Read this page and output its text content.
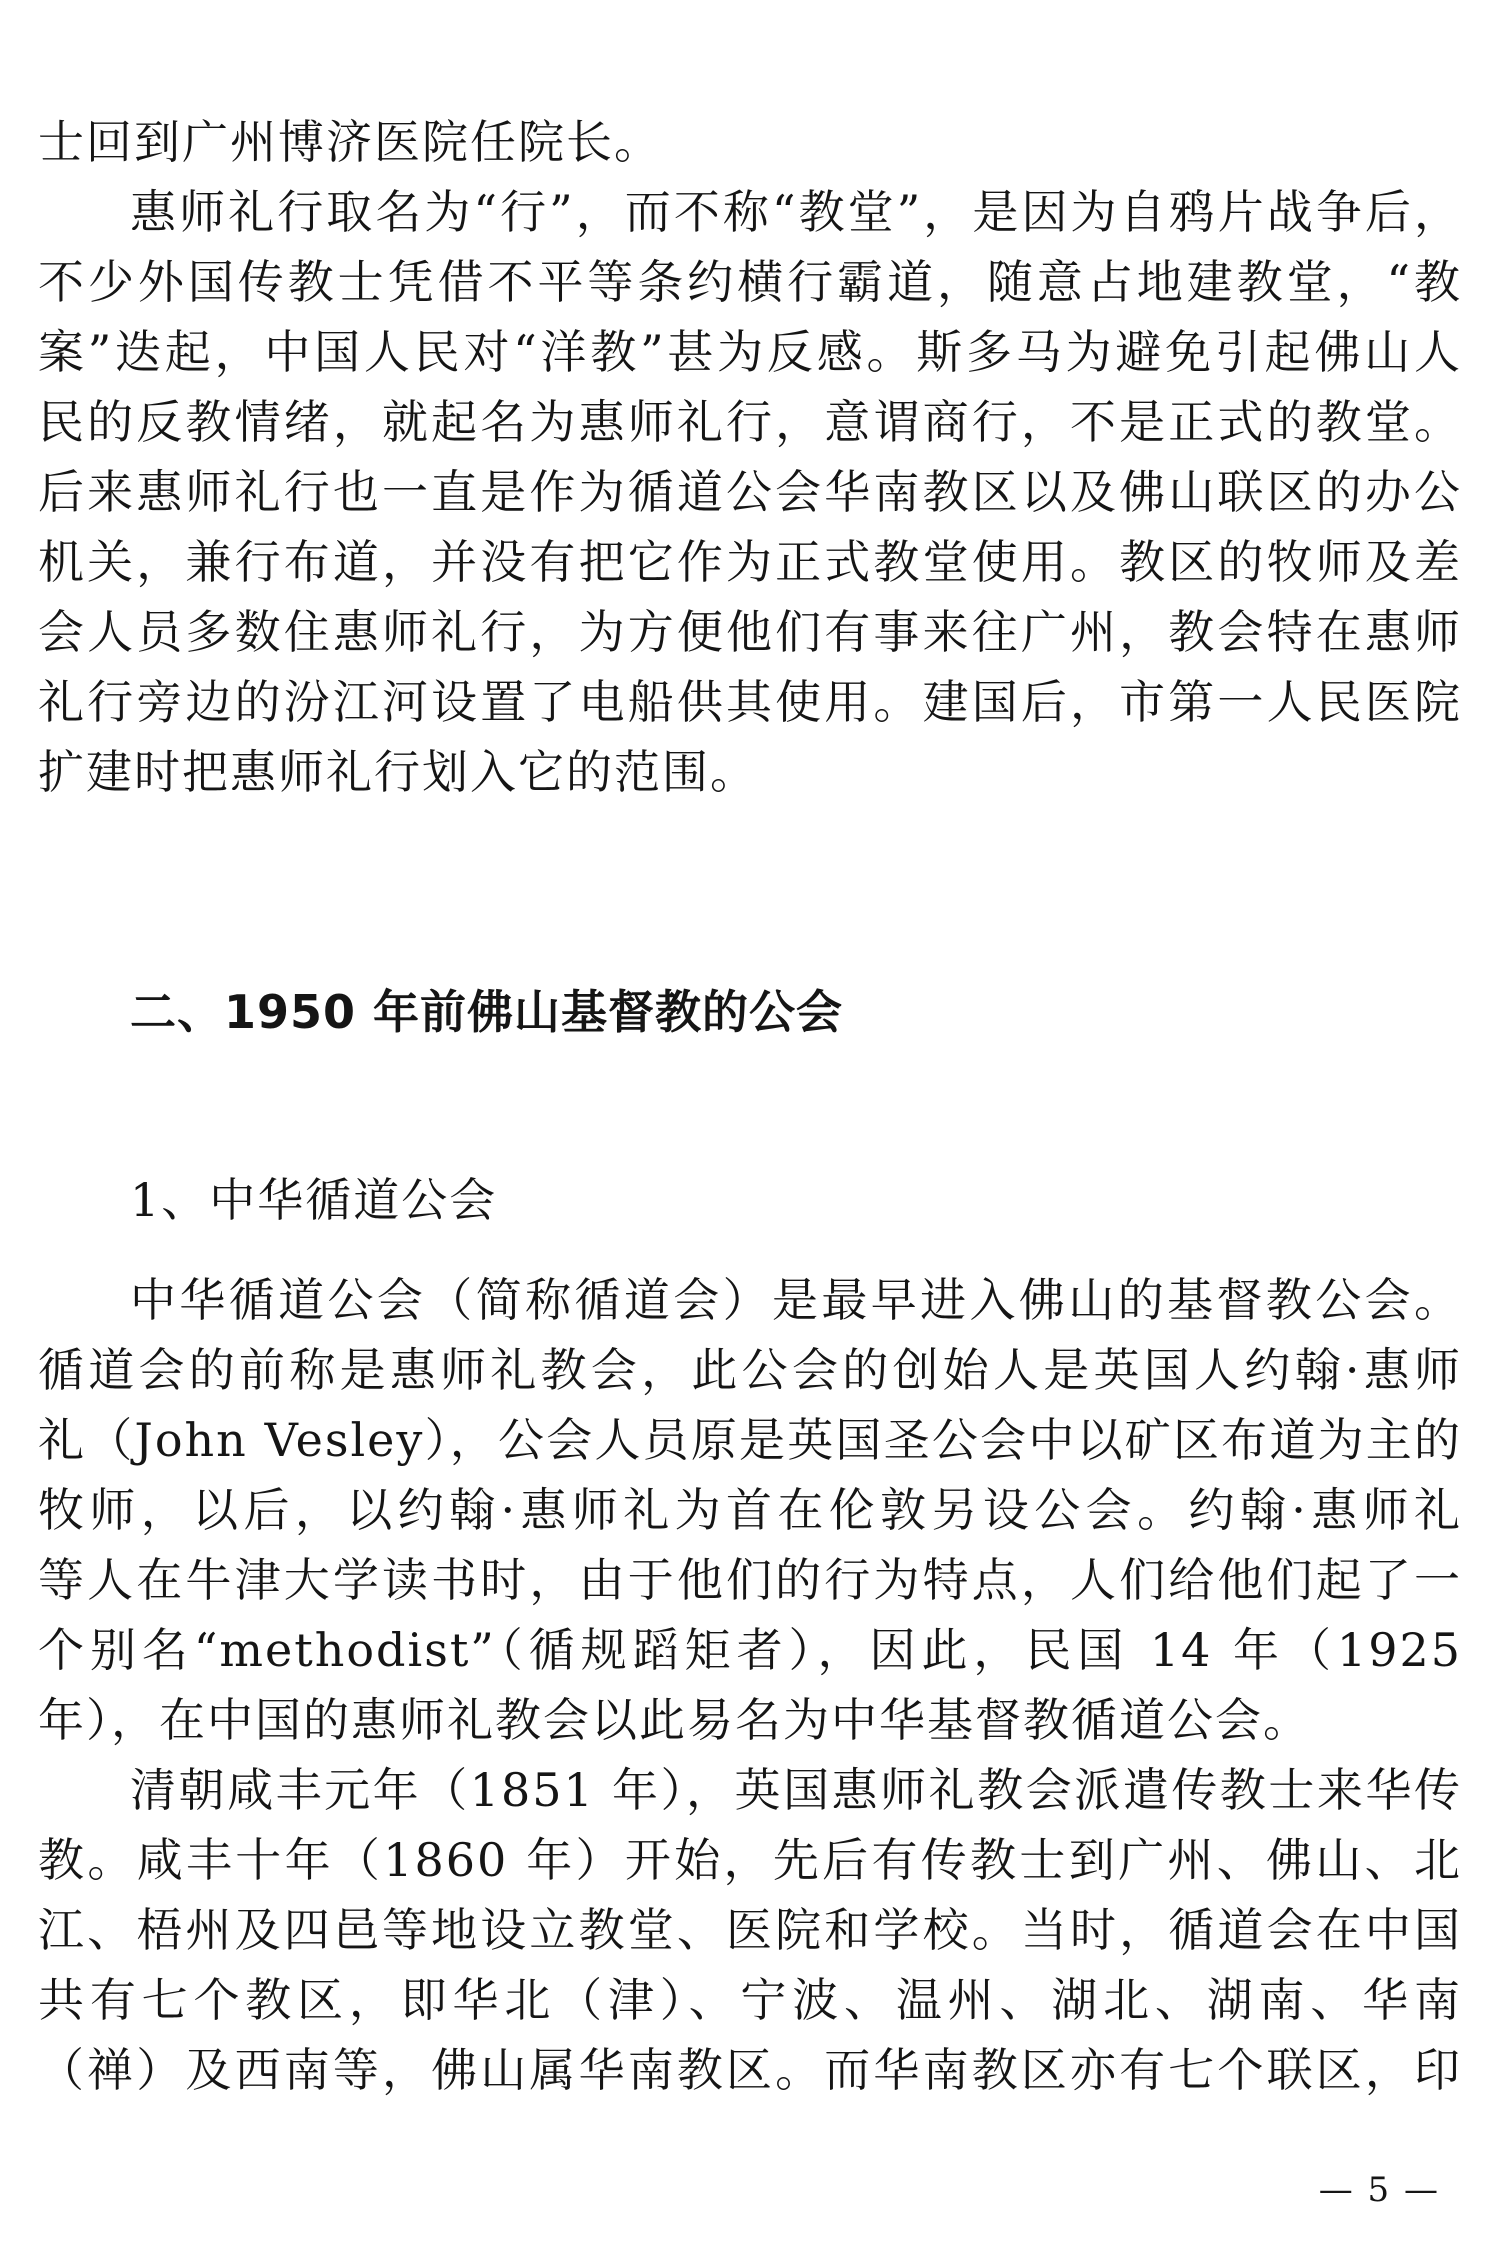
士回到广州博济医院任院长。
惠师礼行取名为“行”，而不称“教堂”，是因为自鸦片战争后，
不少外国传教士凭借不平等条约横行霸道，随意占地建教堂，“教
案”迭起，中国人民对“洋教”甚为反感。斯多马为避免引起佛山人
民的反教情绪，就起名为惠师礼行，意谓商行，不是正式的教堂。
后来惠师礼行也一直是作为循道公会华南教区以及佛山联区的办公
机关，兼行布道，并没有把它作为正式教堂使用。教区的牧师及差
会人员多数住惠师礼行，为方便他们有事来往广州，教会特在惠师
礼行旁边的汾江河设置了电船供其使用。建国后，市第一人民医院
扩建时把惠师礼行划入它的范围。
二、1950 年前佛山基督教的公会
1、中华循道公会
中华循道公会（简称循道会）是最早进入佛山的基督教公会。
循道会的前称是惠师礼教会，此公会的创始人是英国人约翰·惠师
礼（John Vesley），公会人员原是英国圣公会中以矿区布道为主的
牧师，以后，以约翰·惠师礼为首在伦敦另设公会。约翰·惠师礼
等人在牛津大学读书时，由于他们的行为特点，人们给他们起了一
个别名“methodist”（循规蹈矩者），因此，民国 14 年（1925
年），在中国的惠师礼教会以此易名为中华基督教循道公会。
清朝咸丰元年（1851 年），英国惠师礼教会派遣传教士来华传
教。咸丰十年（1860 年）开始，先后有传教士到广州、佛山、北
江、梧州及四邑等地设立教堂、医院和学校。当时，循道会在中国
共有七个教区，即华北（津）、宁波、温州、湖北、湖南、华南
（禅）及西南等，佛山属华南教区。而华南教区亦有七个联区，印
— 5 —
